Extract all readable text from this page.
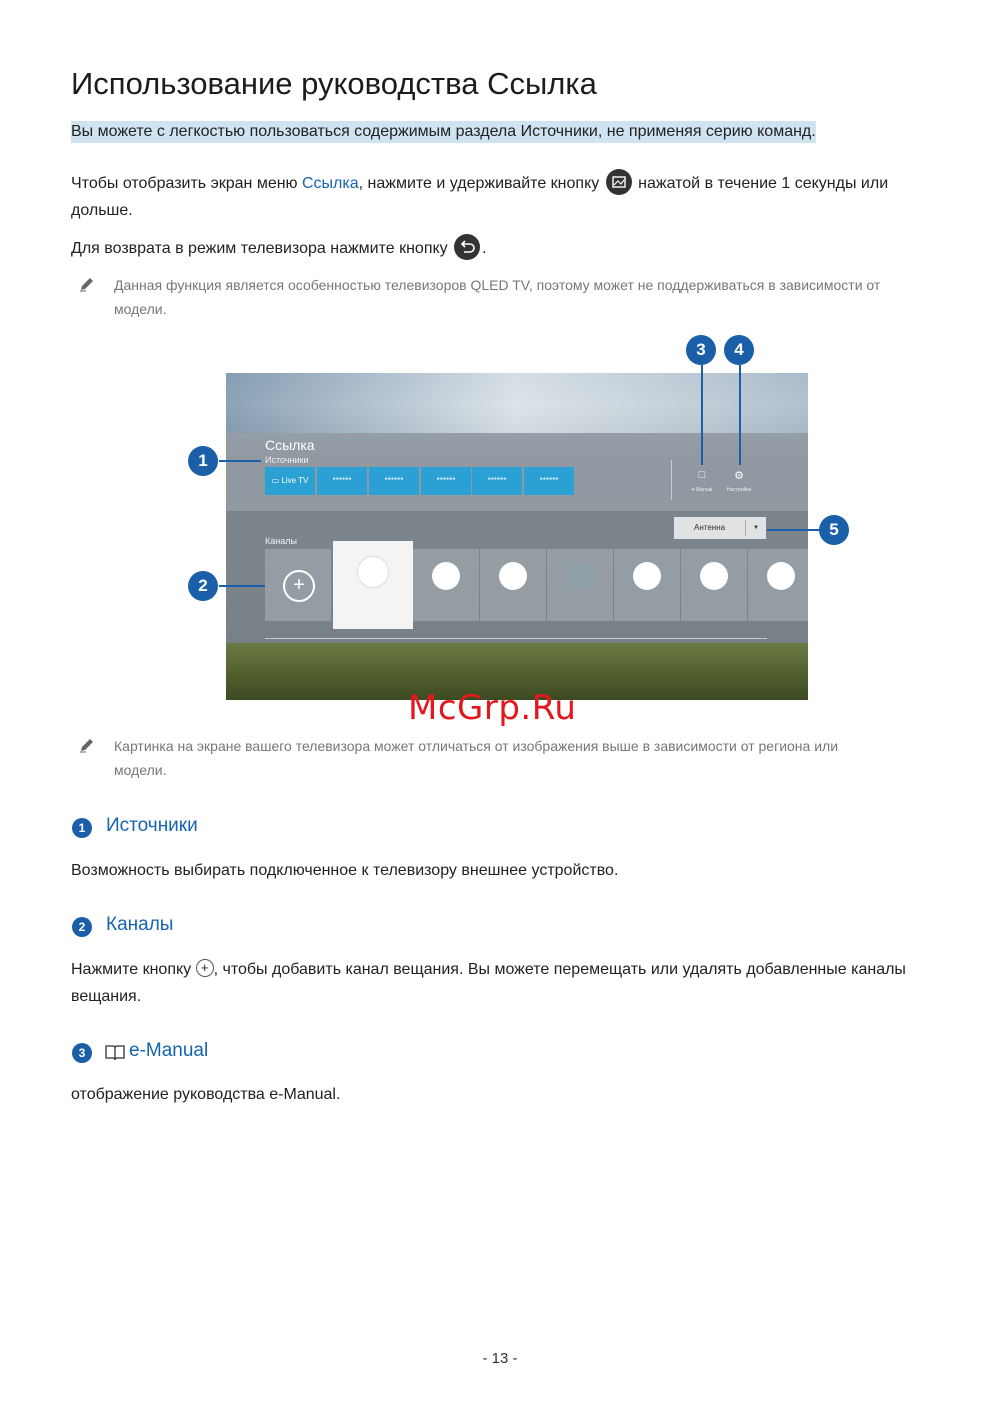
Использование руководства Ссылка
Вы можете с легкостью пользоваться содержимым раздела Источники, не применяя серию команд.
Чтобы отобразить экран меню Ссылка, нажмите и удерживайте кнопку  нажатой в течение 1 секунды или
дольше.
Для возврата в режим телевизора нажмите кнопку .
Данная функция является особенностью телевизоров QLED TV, поэтому может не поддерживаться в зависимости от
модели.
Ссылка
Источники
▭ Live TV	******	******	******	******	******	□
e-Manual
⚙
Настройки
Антенна	▼
Каналы
+
1
2
3	4
5
McGrp.Ru
Картинка на экране вашего телевизора может отличаться от изображения выше в зависимости от региона или
модели.
1	Источники
Возможность выбирать подключенное к телевизору внешнее устройство.
2	Каналы
Нажмите кнопку + , чтобы добавить канал вещания. Вы можете перемещать или удалять добавленные каналы
вещания.
3	e-Manual
отображение руководства e-Manual.
- 13 -
